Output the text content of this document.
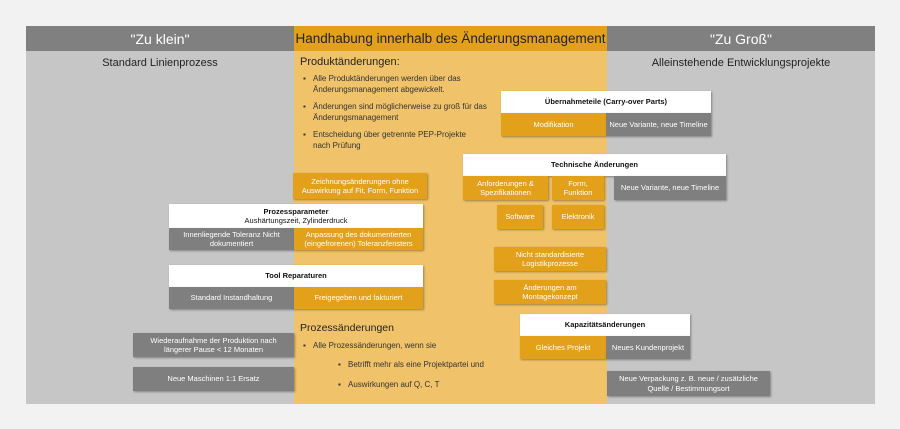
"Zu klein"	Handhabung innerhalb des Änderungsmanagement	"Zu Groß"
Standard Linienprozess	Alleinstehende Entwicklungsprojekte
Produktänderungen:
▪ Alle Produktänderungen werden über das Änderungsmanagement abgewickelt.
▪ Änderungen sind möglicherweise zu groß für das Änderungsmanagement
▪ Entscheidung über getrennte PEP-Projekte nach Prüfung
Zeichnungsänderungen ohne Auswirkung auf Fit, Form, Funktion
Prozessparameter
Aushärtungszeit, Zylinderdruck
Innenliegende Toleranz Nicht dokumentiert
Anpassung des dokumentierten (eingefrorenen) Toleranzfensters
Tool Reparaturen
Standard Instandhaltung	Freigegeben und fakturiert
Wiederaufnahme der Produktion nach längerer Pause < 12 Monaten
Neue Maschinen 1:1 Ersatz
Prozessänderungen
▪ Alle Prozessänderungen, wenn sie
▪ Betrifft mehr als eine Projektpartei und
▪ Auswirkungen auf Q, C, T
Übernahmeteile (Carry-over Parts)
Modifikation	Neue Variante, neue Timeline
Technische Änderungen
Anforderungen & Spezifikationen
Form, Funktion
Software	Elektronik
Neue Variante, neue Timeline
Nicht standardisierte Logistikprozesse
Änderungen am Montagekonzept
Kapazitätsänderungen
Gleiches Projekt	Neues Kundenprojekt
Neue Verpackung z. B. neue / zusätzliche Quelle / Bestimmungsort
